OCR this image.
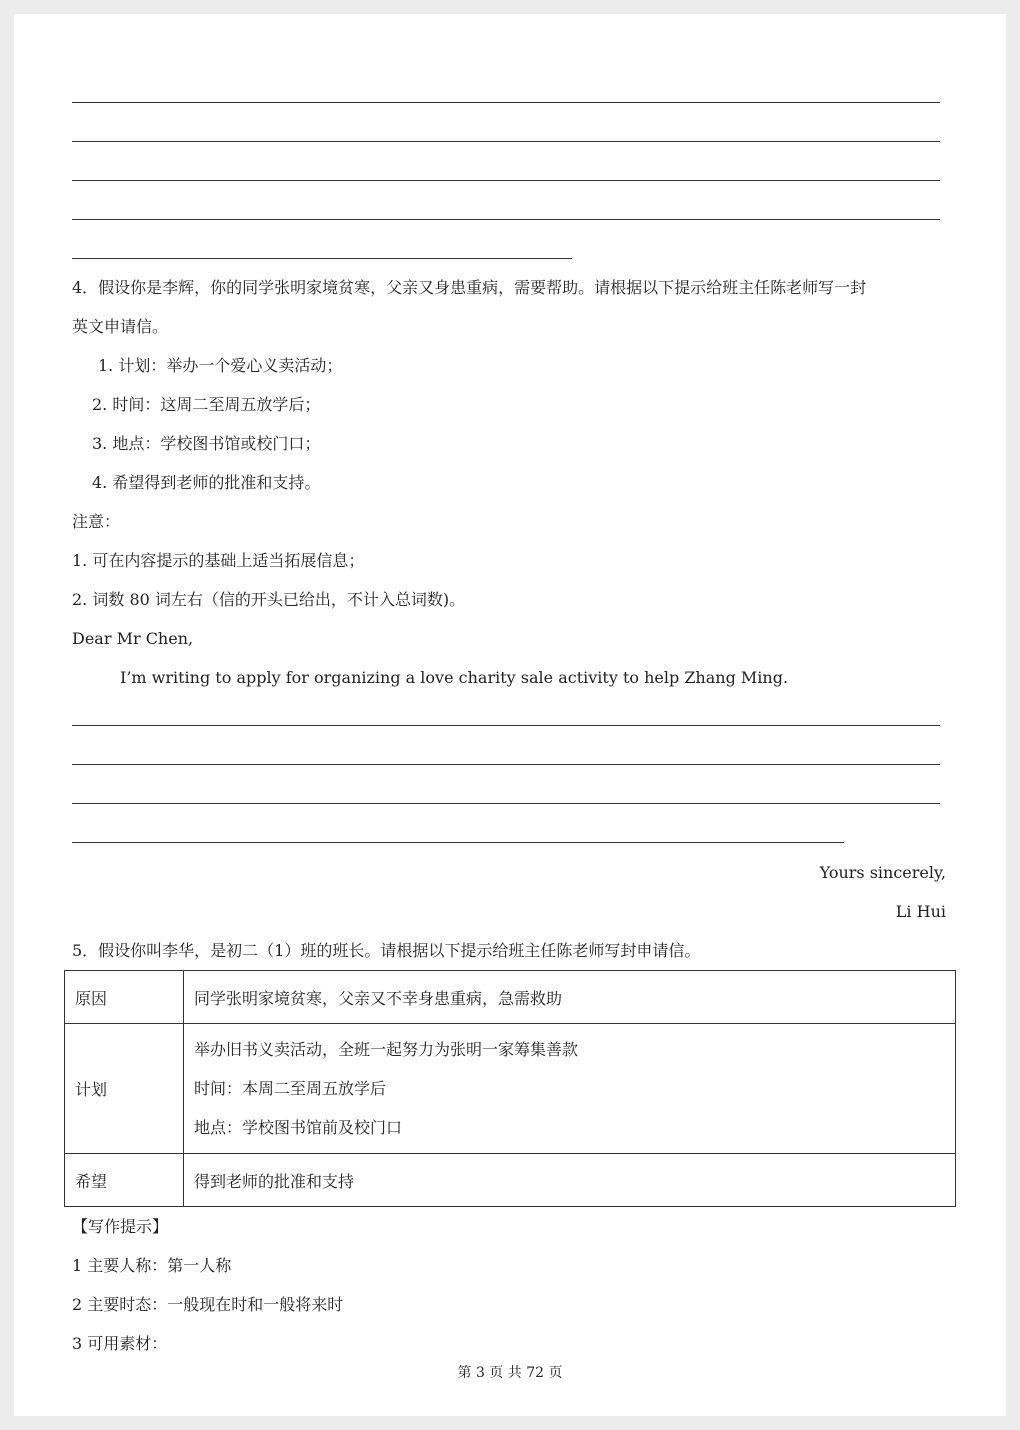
4．假设你是李辉，你的同学张明家境贫寒，父亲又身患重病，需要帮助。请根据以下提示给班主任陈老师写一封
英文申请信。
1. 计划：举办一个爱心义卖活动；
2. 时间：这周二至周五放学后；
3. 地点：学校图书馆或校门口；
4. 希望得到老师的批准和支持。
注意：
1. 可在内容提示的基础上适当拓展信息；
2. 词数 80 词左右（信的开头已给出，不计入总词数)。
Dear Mr Chen,
I’m writing to apply for organizing a love charity sale activity to help Zhang Ming.
Yours sincerely,
Li Hui
5．假设你叫李华，是初二（1）班的班长。请根据以下提示给班主任陈老师写封申请信。
原因	同学张明家境贫寒，父亲又不幸身患重病，急需救助
计划	举办旧书义卖活动，全班一起努力为张明一家筹集善款
时间：本周二至周五放学后
地点：学校图书馆前及校门口

希望	得到老师的批准和支持
【写作提示】
1 主要人称：第一人称
2 主要时态：一般现在时和一般将来时
3 可用素材：
第 3 页 共 72 页
